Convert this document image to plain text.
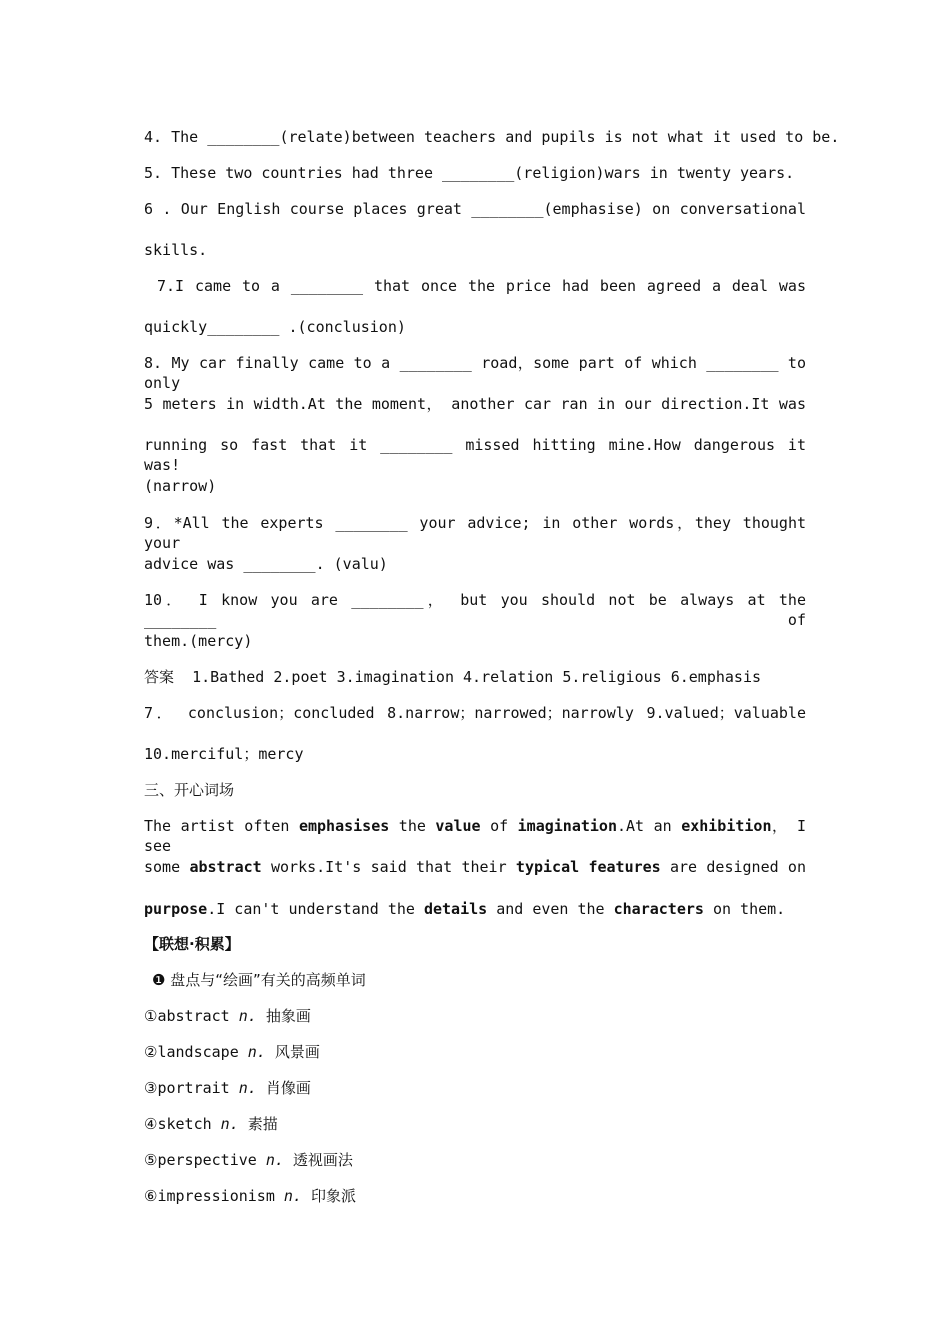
4. The ________(relate)between teachers and pupils is not what it used to be.
5. These two countries had three ________(religion)wars in twenty years.
6 . Our English course places great ________(emphasise) on conversational
skills.
7.I came to a ________ that once the price had been agreed a deal was
quickly________ .(conclusion)
8. My car finally came to a ________ road，some part of which ________ to only
5 meters in width.At the moment， another car ran in our direction.It was
running so fast that it ________ missed hitting mine.How dangerous it was!
(narrow)
9．*All the experts ________ your advice; in other words，they thought your
advice was ________. (valu)
10． I know you are ________， but you should not be always at the ________ of
them.(mercy)
答案 1.Bathed 2.poet 3.imagination 4.relation 5.religious 6.emphasis
7． conclusion；concluded 8.narrow；narrowed；narrowly 9.valued；valuable
10.merciful；mercy
三、开心词场
The artist often emphasises the value of imagination.At an exhibition， I see
some abstract works.It's said that their typical features are designed on
purpose.I can't understand the details and even the characters on them.
【联想·积累】
❶ 盘点与“绘画”有关的高频单词
①abstract n. 抽象画
②landscape n. 风景画
③portrait n. 肖像画
④sketch n. 素描
⑤perspective n. 透视画法
⑥impressionism n. 印象派
